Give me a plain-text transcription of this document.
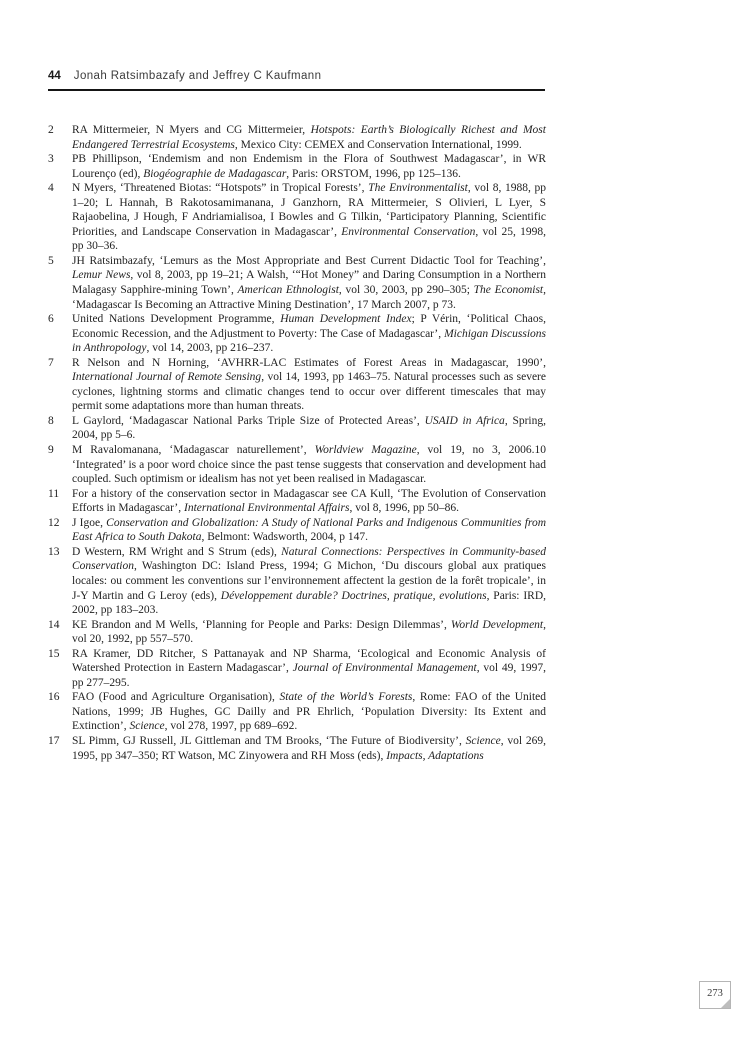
44 Jonah Ratsimbazafy and Jeffrey C Kaufmann
2 RA Mittermeier, N Myers and CG Mittermeier, Hotspots: Earth’s Biologically Richest and Most Endangered Terrestrial Ecosystems, Mexico City: CEMEX and Conservation International, 1999.
3 PB Phillipson, ‘Endemism and non Endemism in the Flora of Southwest Madagascar’, in WR Lourenço (ed), Biogéographie de Madagascar, Paris: ORSTOM, 1996, pp 125–136.
4 N Myers, ‘Threatened Biotas: “Hotspots” in Tropical Forests’, The Environmentalist, vol 8, 1988, pp 1–20; L Hannah, B Rakotosamimanana, J Ganzhorn, RA Mittermeier, S Olivieri, L Lyer, S Rajaobelina, J Hough, F Andriamialisoa, I Bowles and G Tilkin, ‘Participatory Planning, Scientific Priorities, and Landscape Conservation in Madagascar’, Environmental Conservation, vol 25, 1998, pp 30–36.
5 JH Ratsimbazafy, ‘Lemurs as the Most Appropriate and Best Current Didactic Tool for Teaching’, Lemur News, vol 8, 2003, pp 19–21; A Walsh, ‘“Hot Money” and Daring Consumption in a Northern Malagasy Sapphire-mining Town’, American Ethnologist, vol 30, 2003, pp 290–305; The Economist, ‘Madagascar Is Becoming an Attractive Mining Destination’, 17 March 2007, p 73.
6 United Nations Development Programme, Human Development Index; P Vérin, ‘Political Chaos, Economic Recession, and the Adjustment to Poverty: The Case of Madagascar’, Michigan Discussions in Anthropology, vol 14, 2003, pp 216–237.
7 R Nelson and N Horning, ‘AVHRR-LAC Estimates of Forest Areas in Madagascar, 1990’, International Journal of Remote Sensing, vol 14, 1993, pp 1463–75. Natural processes such as severe cyclones, lightning storms and climatic changes tend to occur over different timescales that may permit some adaptations more than human threats.
8 L Gaylord, ‘Madagascar National Parks Triple Size of Protected Areas’, USAID in Africa, Spring, 2004, pp 5–6.
9 M Ravalomanana, ‘Madagascar naturellement’, Worldview Magazine, vol 19, no 3, 2006.10 ‘Integrated’ is a poor word choice since the past tense suggests that conservation and development had coupled. Such optimism or idealism has not yet been realised in Madagascar.
11 For a history of the conservation sector in Madagascar see CA Kull, ‘The Evolution of Conservation Efforts in Madagascar’, International Environmental Affairs, vol 8, 1996, pp 50–86.
12 J Igoe, Conservation and Globalization: A Study of National Parks and Indigenous Communities from East Africa to South Dakota, Belmont: Wadsworth, 2004, p 147.
13 D Western, RM Wright and S Strum (eds), Natural Connections: Perspectives in Community-based Conservation, Washington DC: Island Press, 1994; G Michon, ‘Du discours global aux pratiques locales: ou comment les conventions sur l’environnement affectent la gestion de la forêt tropicale’, in J-Y Martin and G Leroy (eds), Développement durable? Doctrines, pratique, evolutions, Paris: IRD, 2002, pp 183–203.
14 KE Brandon and M Wells, ‘Planning for People and Parks: Design Dilemmas’, World Development, vol 20, 1992, pp 557–570.
15 RA Kramer, DD Ritcher, S Pattanayak and NP Sharma, ‘Ecological and Economic Analysis of Watershed Protection in Eastern Madagascar’, Journal of Environmental Management, vol 49, 1997, pp 277–295.
16 FAO (Food and Agriculture Organisation), State of the World’s Forests, Rome: FAO of the United Nations, 1999; JB Hughes, GC Dailly and PR Ehrlich, ‘Population Diversity: Its Extent and Extinction’, Science, vol 278, 1997, pp 689–692.
17 SL Pimm, GJ Russell, JL Gittleman and TM Brooks, ‘The Future of Biodiversity’, Science, vol 269, 1995, pp 347–350; RT Watson, MC Zinyowera and RH Moss (eds), Impacts, Adaptations
273
